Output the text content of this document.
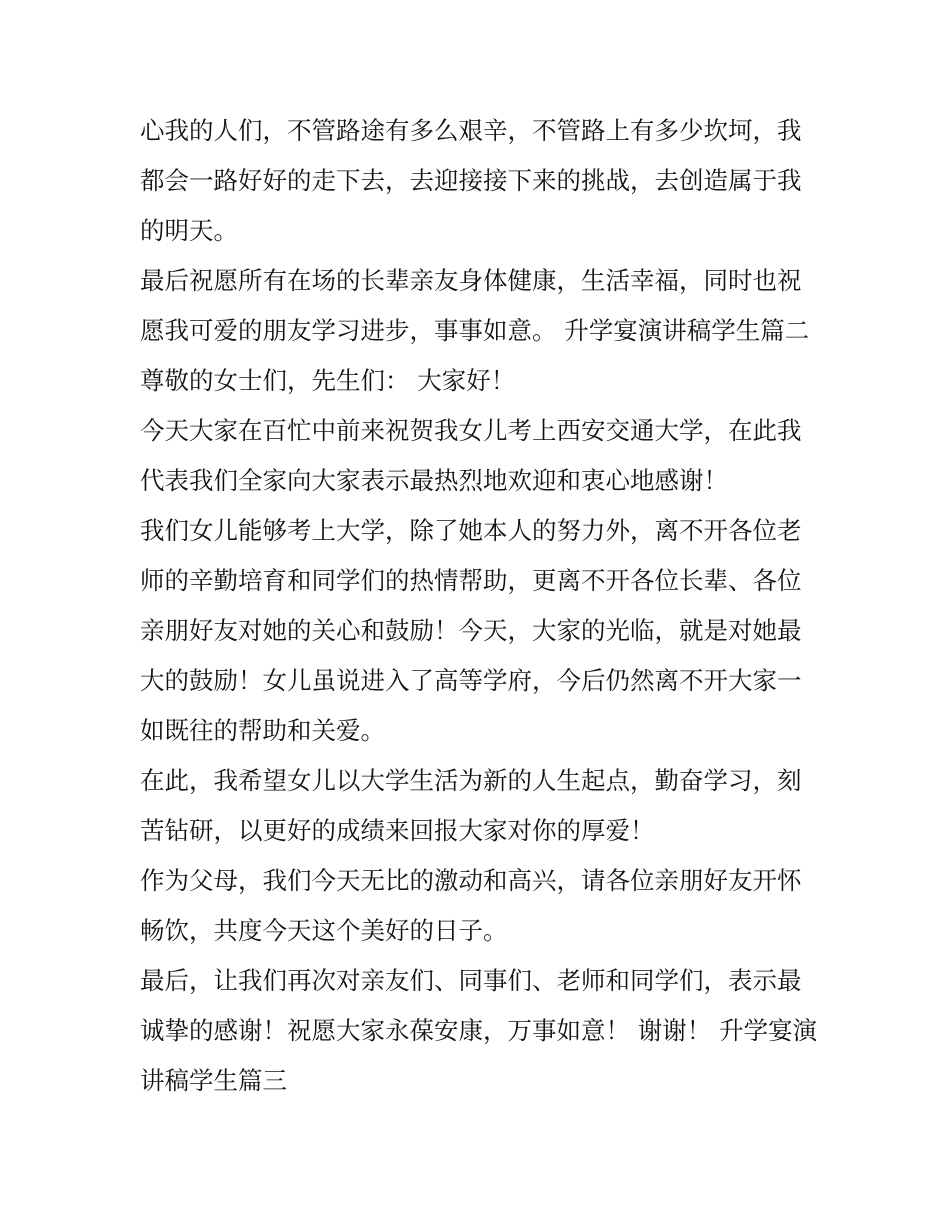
心我的人们，不管路途有多么艰辛，不管路上有多少坎坷，我都会一路好好的走下去，去迎接接下来的挑战，去创造属于我的明天。

最后祝愿所有在场的长辈亲友身体健康，生活幸福，同时也祝愿我可爱的朋友学习进步，事事如意。 升学宴演讲稿学生篇二 尊敬的女士们，先生们： 大家好！

今天大家在百忙中前来祝贺我女儿考上西安交通大学，在此我代表我们全家向大家表示最热烈地欢迎和衷心地感谢！

我们女儿能够考上大学，除了她本人的努力外，离不开各位老师的辛勤培育和同学们的热情帮助，更离不开各位长辈、各位亲朋好友对她的关心和鼓励！今天，大家的光临，就是对她最大的鼓励！女儿虽说进入了高等学府，今后仍然离不开大家一如既往的帮助和关爱。

在此，我希望女儿以大学生活为新的人生起点，勤奋学习，刻苦钻研，以更好的成绩来回报大家对你的厚爱！

作为父母，我们今天无比的激动和高兴，请各位亲朋好友开怀畅饮，共度今天这个美好的日子。

最后，让我们再次对亲友们、同事们、老师和同学们，表示最诚挚的感谢！祝愿大家永葆安康，万事如意！ 谢谢！ 升学宴演讲稿学生篇三
